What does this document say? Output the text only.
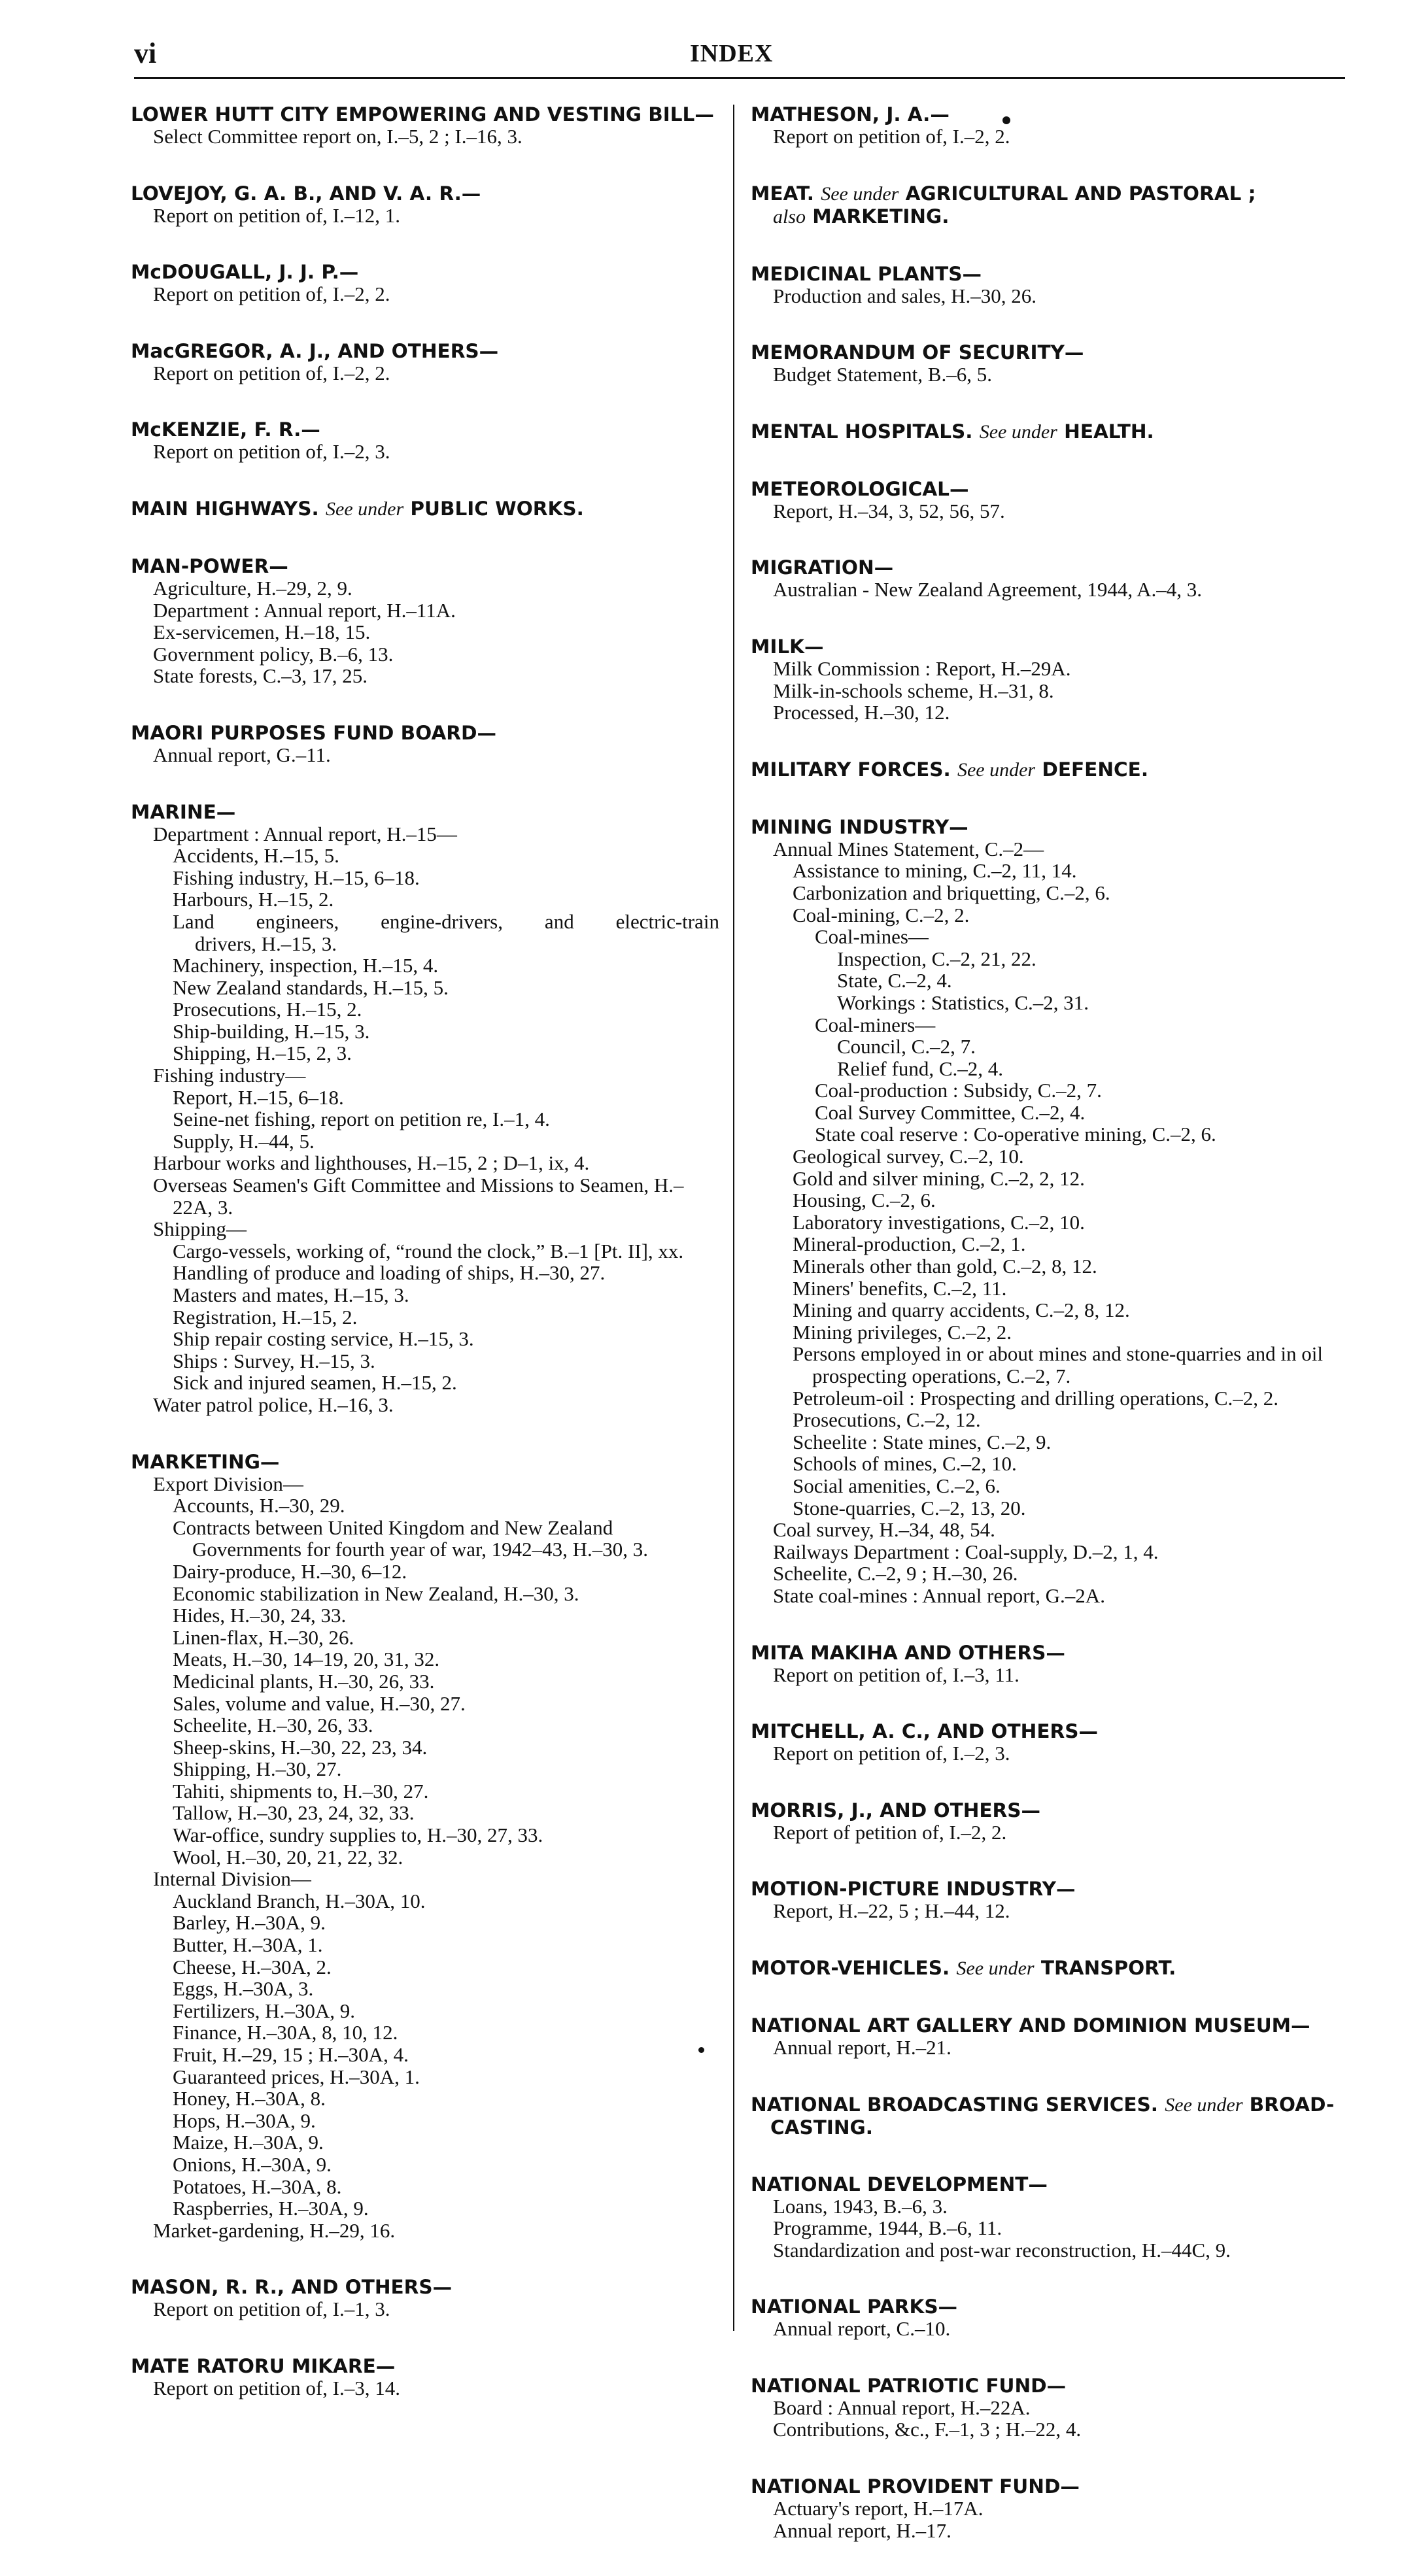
vi	INDEX

LOWER HUTT CITY EMPOWERING AND VESTING BILL—

Select Committee report on, I.–5, 2 ; I.–16, 3.

LOVEJOY, G. A. B., AND V. A. R.—

Report on petition of, I.–12, 1.

McDOUGALL, J. J. P.—

Report on petition of, I.–2, 2.

MacGREGOR, A. J., AND OTHERS—

Report on petition of, I.–2, 2.

McKENZIE, F. R.—

Report on petition of, I.–2, 3.

MAIN HIGHWAYS. See under PUBLIC WORKS.

MAN-POWER—

Agriculture, H.–29, 2, 9.

Department : Annual report, H.–11A.

Ex-servicemen, H.–18, 15.

Government policy, B.–6, 13.

State forests, C.–3, 17, 25.

MAORI PURPOSES FUND BOARD—

Annual report, G.–11.

MARINE—

Department : Annual report, H.–15—

Accidents, H.–15, 5.

Fishing industry, H.–15, 6–18.

Harbours, H.–15, 2.

Land engineers, engine-drivers, and electric-train

drivers, H.–15, 3.

Machinery, inspection, H.–15, 4.

New Zealand standards, H.–15, 5.

Prosecutions, H.–15, 2.

Ship-building, H.–15, 3.

Shipping, H.–15, 2, 3.

Fishing industry—

Report, H.–15, 6–18.

Seine-net fishing, report on petition re, I.–1, 4.

Supply, H.–44, 5.

Harbour works and lighthouses, H.–15, 2 ; D–1, ix, 4.

Overseas Seamen's Gift Committee and Missions to Seamen, H.–22A, 3.

Shipping—

Cargo-vessels, working of, “round the clock,” B.–1 [Pt. II], xx.

Handling of produce and loading of ships, H.–30, 27.

Masters and mates, H.–15, 3.

Registration, H.–15, 2.

Ship repair costing service, H.–15, 3.

Ships : Survey, H.–15, 3.

Sick and injured seamen, H.–15, 2.

Water patrol police, H.–16, 3.

MARKETING—

Export Division—

Accounts, H.–30, 29.

Contracts between United Kingdom and New Zealand Governments for fourth year of war, 1942–43, H.–30, 3.

Dairy-produce, H.–30, 6–12.

Economic stabilization in New Zealand, H.–30, 3.

Hides, H.–30, 24, 33.

Linen-flax, H.–30, 26.

Meats, H.–30, 14–19, 20, 31, 32.

Medicinal plants, H.–30, 26, 33.

Sales, volume and value, H.–30, 27.

Scheelite, H.–30, 26, 33.

Sheep-skins, H.–30, 22, 23, 34.

Shipping, H.–30, 27.

Tahiti, shipments to, H.–30, 27.

Tallow, H.–30, 23, 24, 32, 33.

War-office, sundry supplies to, H.–30, 27, 33.

Wool, H.–30, 20, 21, 22, 32.

Internal Division—

Auckland Branch, H.–30A, 10.

Barley, H.–30A, 9.

Butter, H.–30A, 1.

Cheese, H.–30A, 2.

Eggs, H.–30A, 3.

Fertilizers, H.–30A, 9.

Finance, H.–30A, 8, 10, 12.

Fruit, H.–29, 15 ; H.–30A, 4.

Guaranteed prices, H.–30A, 1.

Honey, H.–30A, 8.

Hops, H.–30A, 9.

Maize, H.–30A, 9.

Onions, H.–30A, 9.

Potatoes, H.–30A, 8.

Raspberries, H.–30A, 9.

Market-gardening, H.–29, 16.

MASON, R. R., AND OTHERS—

Report on petition of, I.–1, 3.

MATE RATORU MIKARE—

Report on petition of, I.–3, 14.

MATHESON, J. A.—

Report on petition of, I.–2, 2.

MEAT. See under AGRICULTURAL AND PASTORAL ;

also MARKETING.

MEDICINAL PLANTS—

Production and sales, H.–30, 26.

MEMORANDUM OF SECURITY—

Budget Statement, B.–6, 5.

MENTAL HOSPITALS. See under HEALTH.

METEOROLOGICAL—

Report, H.–34, 3, 52, 56, 57.

MIGRATION—

Australian - New Zealand Agreement, 1944, A.–4, 3.

MILK—

Milk Commission : Report, H.–29A.

Milk-in-schools scheme, H.–31, 8.

Processed, H.–30, 12.

MILITARY FORCES. See under DEFENCE.

MINING INDUSTRY—

Annual Mines Statement, C.–2—

Assistance to mining, C.–2, 11, 14.

Carbonization and briquetting, C.–2, 6.

Coal-mining, C.–2, 2.

Coal-mines—

Inspection, C.–2, 21, 22.

State, C.–2, 4.

Workings : Statistics, C.–2, 31.

Coal-miners—

Council, C.–2, 7.

Relief fund, C.–2, 4.

Coal-production : Subsidy, C.–2, 7.

Coal Survey Committee, C.–2, 4.

State coal reserve : Co-operative mining, C.–2, 6.

Geological survey, C.–2, 10.

Gold and silver mining, C.–2, 2, 12.

Housing, C.–2, 6.

Laboratory investigations, C.–2, 10.

Mineral-production, C.–2, 1.

Minerals other than gold, C.–2, 8, 12.

Miners' benefits, C.–2, 11.

Mining and quarry accidents, C.–2, 8, 12.

Mining privileges, C.–2, 2.

Persons employed in or about mines and stone-quarries and in oil prospecting operations, C.–2, 7.

Petroleum-oil : Prospecting and drilling operations, C.–2, 2.

Prosecutions, C.–2, 12.

Scheelite : State mines, C.–2, 9.

Schools of mines, C.–2, 10.

Social amenities, C.–2, 6.

Stone-quarries, C.–2, 13, 20.

Coal survey, H.–34, 48, 54.

Railways Department : Coal-supply, D.–2, 1, 4.

Scheelite, C.–2, 9 ; H.–30, 26.

State coal-mines : Annual report, G.–2A.

MITA MAKIHA AND OTHERS—

Report on petition of, I.–3, 11.

MITCHELL, A. C., AND OTHERS—

Report on petition of, I.–2, 3.

MORRIS, J., AND OTHERS—

Report of petition of, I.–2, 2.

MOTION-PICTURE INDUSTRY—

Report, H.–22, 5 ; H.–44, 12.

MOTOR-VEHICLES. See under TRANSPORT.

NATIONAL ART GALLERY AND DOMINION MUSEUM—

Annual report, H.–21.

NATIONAL BROADCASTING SERVICES. See under BROAD-CASTING.

NATIONAL DEVELOPMENT—

Loans, 1943, B.–6, 3.

Programme, 1944, B.–6, 11.

Standardization and post-war reconstruction, H.–44C, 9.

NATIONAL PARKS—

Annual report, C.–10.

NATIONAL PATRIOTIC FUND—

Board : Annual report, H.–22A.

Contributions, &c., F.–1, 3 ; H.–22, 4.

NATIONAL PROVIDENT FUND—

Actuary's report, H.–17A.

Annual report, H.–17.
